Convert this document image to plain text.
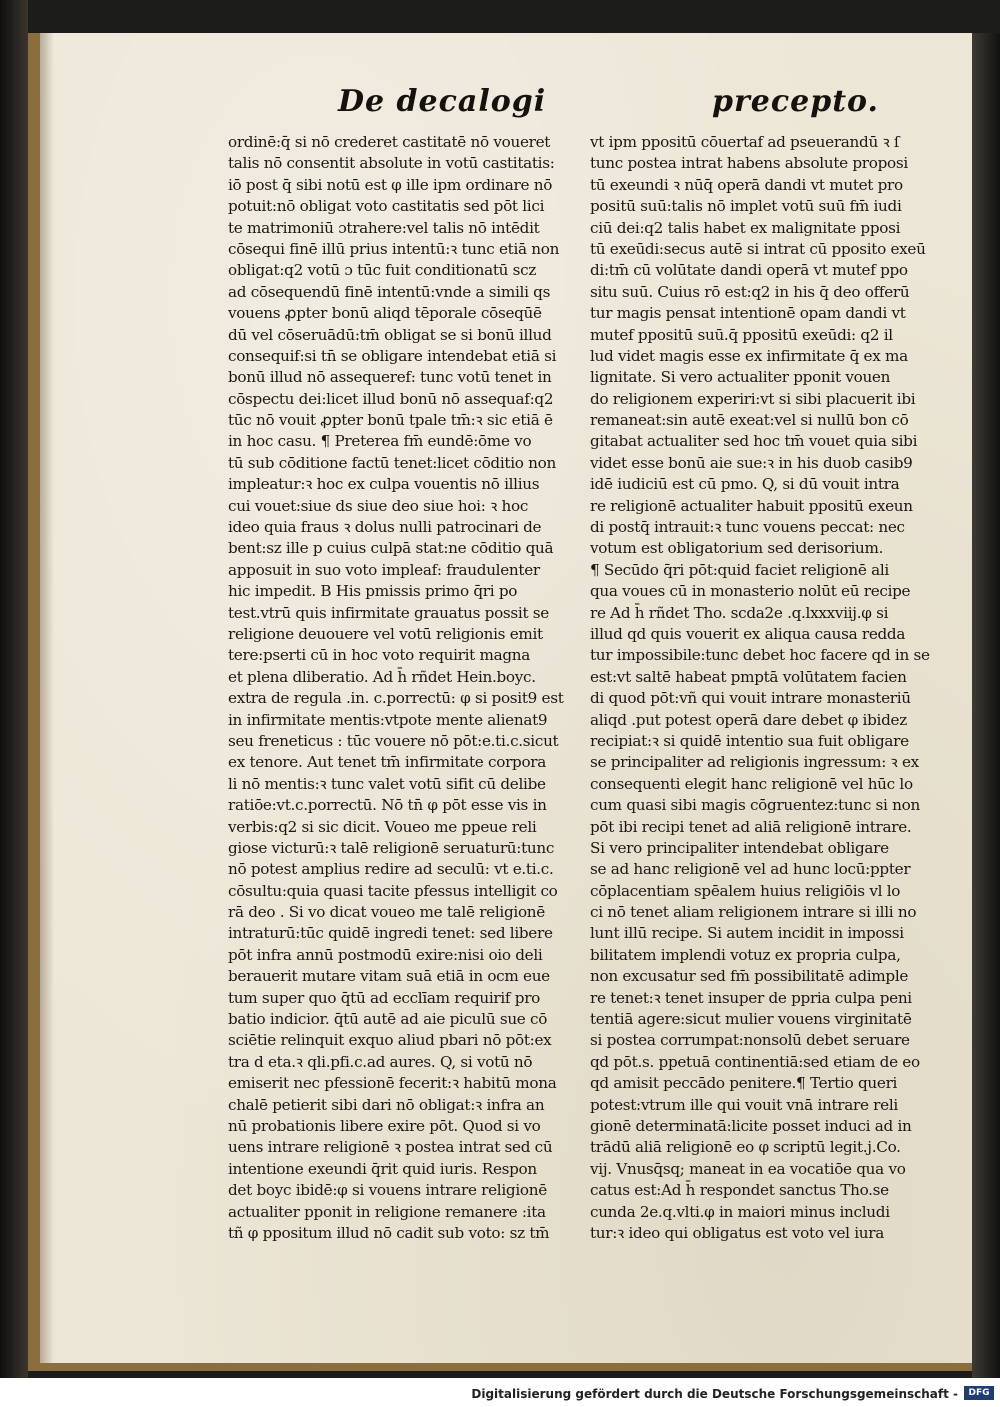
De decalogi	precepto.
ordinē:q̄ si nō crederet castitatē nō voueret
talis nō consentit absolute in votū castitatis:
iō post q̄ sibi notū est φ ille ipm ordinare nō
potuit:nō obligat voto castitatis sed pōt lici
te matrimoniū ɔtrahere:vel talis nō intēdit
cōsequi finē illū prius intentū:ꝛ tunc etiā non
obligat:q2 votū ɔ tūc fuit conditionatū scz
ad cōsequendū finē intentū:vnde a simili qs
vouens ꝓpter bonū aliqd tēporale cōseqūē
dū vel cōseruādū:tm̄ obligat se si bonū illud
consequif:si tn̄ se obligare intendebat etiā si
bonū illud nō assequeref: tunc votū tenet in
cōspectu dei:licet illud bonū nō assequaf:q2
tūc nō vouit ꝓpter bonū tpale tm̄:ꝛ sic etiā ē
in hoc casu. ¶ Preterea fm̄ eundē:ōme vo
tū sub cōditione factū tenet:licet cōditio non
impleatur:ꝛ hoc ex culpa vouentis nō illius
cui vouet:siue ds siue deo siue hoi: ꝛ hoc
ideo quia fraus ꝛ dolus nulli patrocinari de
bent:sz ille p cuius culpā stat:ne cōditio quā
apposuit in suo voto impleaf: fraudulenter
hic impedit. B His pmissis primo q̄ri po
test.vtrū quis infirmitate grauatus possit se
religione deuouere vel votū religionis emit
tere:pserti cū in hoc voto requirit magna
et plena dliberatio. Ad h̄ rñdet Hein.boyc.
extra de regula .in. c.porrectū: φ si posit9 est
in infirmitate mentis:vtpote mente alienat9
seu freneticus : tūc vouere nō pōt:e.ti.c.sicut
ex tenore. Aut tenet tm̄ infirmitate corpora
li nō mentis:ꝛ tunc valet votū sifit cū delibe
ratiōe:vt.c.porrectū. Nō tn̄ φ pōt esse vis in
verbis:q2 si sic dicit. Voueo me ppeue reli
giose victurū:ꝛ talē religionē seruaturū:tunc
nō potest amplius redire ad seculū: vt e.ti.c.
cōsultu:quia quasi tacite pfessus intelligit co
rā deo . Si vo dicat voueo me talē religionē
intraturū:tūc quidē ingredi tenet: sed libere
pōt infra annū postmodū exire:nisi oio deli
berauerit mutare vitam suā etiā in ocm eue
tum super quo q̄tū ad ecclīam requirif pro
batio indicior. q̄tū autē ad aie piculū sue cō
sciētie relinquit exquo aliud pbari nō pōt:ex
tra d eta.ꝛ qli.pfi.c.ad aures. Q, si votū nō
emiserit nec pfessionē fecerit:ꝛ habitū mona
chalē petierit sibi dari nō obligat:ꝛ infra an
nū probationis libere exire pōt. Quod si vo
uens intrare religionē ꝛ postea intrat sed cū
intentione exeundi q̄rit quid iuris. Respon
det boyc ibidē:φ si vouens intrare religionē
actualiter pponit in religione remanere :ita
tñ φ ppositum illud nō cadit sub voto: sz tm̄
vt ipm ppositū cōuertaf ad pseuerandū ꝛ ſ
tunc postea intrat habens absolute proposi
tū exeundi ꝛ nūq̄ operā dandi vt mutet pro
positū suū:talis nō implet votū suū fm̄ iudi
ciū dei:q2 talis habet ex malignitate pposi
tū exeūdi:secus autē si intrat cū pposito exeū
di:tm̄ cū volūtate dandi operā vt mutef ppo
situ suū. Cuius rō est:q2 in his q̄ deo offerū
tur magis pensat intentionē opam dandi vt
mutef ppositū suū.q̄ ppositū exeūdi: q2 il
lud videt magis esse ex infirmitate q̄ ex ma
lignitate. Si vero actualiter pponit vouen
do religionem experiri:vt si sibi placuerit ibi
remaneat:sin autē exeat:vel si nullū bon cō
gitabat actualiter sed hoc tm̄ vouet quia sibi
videt esse bonū aie sue:ꝛ in his duob casib9
idē iudiciū est cū pmo. Q, si dū vouit intra
re religionē actualiter habuit ppositū exeun
di postq̄ intrauit:ꝛ tunc vouens peccat: nec
votum est obligatorium sed derisorium.
¶ Secūdo q̄ri pōt:quid faciet religionē ali
qua voues cū in monasterio nolūt eū recipe
re Ad h̄ rñdet Tho. scda2e .q.lxxxviij.φ si
illud qd quis vouerit ex aliqua causa redda
tur impossibile:tunc debet hoc facere qd in se
est:vt saltē habeat pmptā volūtatem facien
di quod pōt:vñ qui vouit intrare monasteriū
aliqd .put potest operā dare debet φ ibidez
recipiat:ꝛ si quidē intentio sua fuit obligare
se principaliter ad religionis ingressum: ꝛ ex
consequenti elegit hanc religionē vel hūc lo
cum quasi sibi magis cōgruentez:tunc si non
pōt ibi recipi tenet ad aliā religionē intrare.
Si vero principaliter intendebat obligare
se ad hanc religionē vel ad hunc locū:ppter
cōplacentiam spēalem huius religiōis vl lo
ci nō tenet aliam religionem intrare si illi no
lunt illū recipe. Si autem incidit in impossi
bilitatem implendi votuz ex propria culpa,
non excusatur sed fm̄ possibilitatē adimple
re tenet:ꝛ tenet insuper de ppria culpa peni
tentiā agere:sicut mulier vouens virginitatē
si postea corrumpat:nonsolū debet seruare
qd pōt.s. ppetuā continentiā:sed etiam de eo
qd amisit peccādo penitere.¶ Tertio queri
potest:vtrum ille qui vouit vnā intrare reli
gionē determinatā:licite posset induci ad in
trādū aliā religionē eo φ scriptū legit.j.Co.
vij. Vnusq̄sq; maneat in ea vocatiōe qua vo
catus est:Ad h̄ respondet sanctus Tho.se
cunda 2e.q.vlti.φ in maiori minus includi
tur:ꝛ ideo qui obligatus est voto vel iura
Digitalisierung gefördert durch die Deutsche Forschungsgemeinschaft -	DFG
